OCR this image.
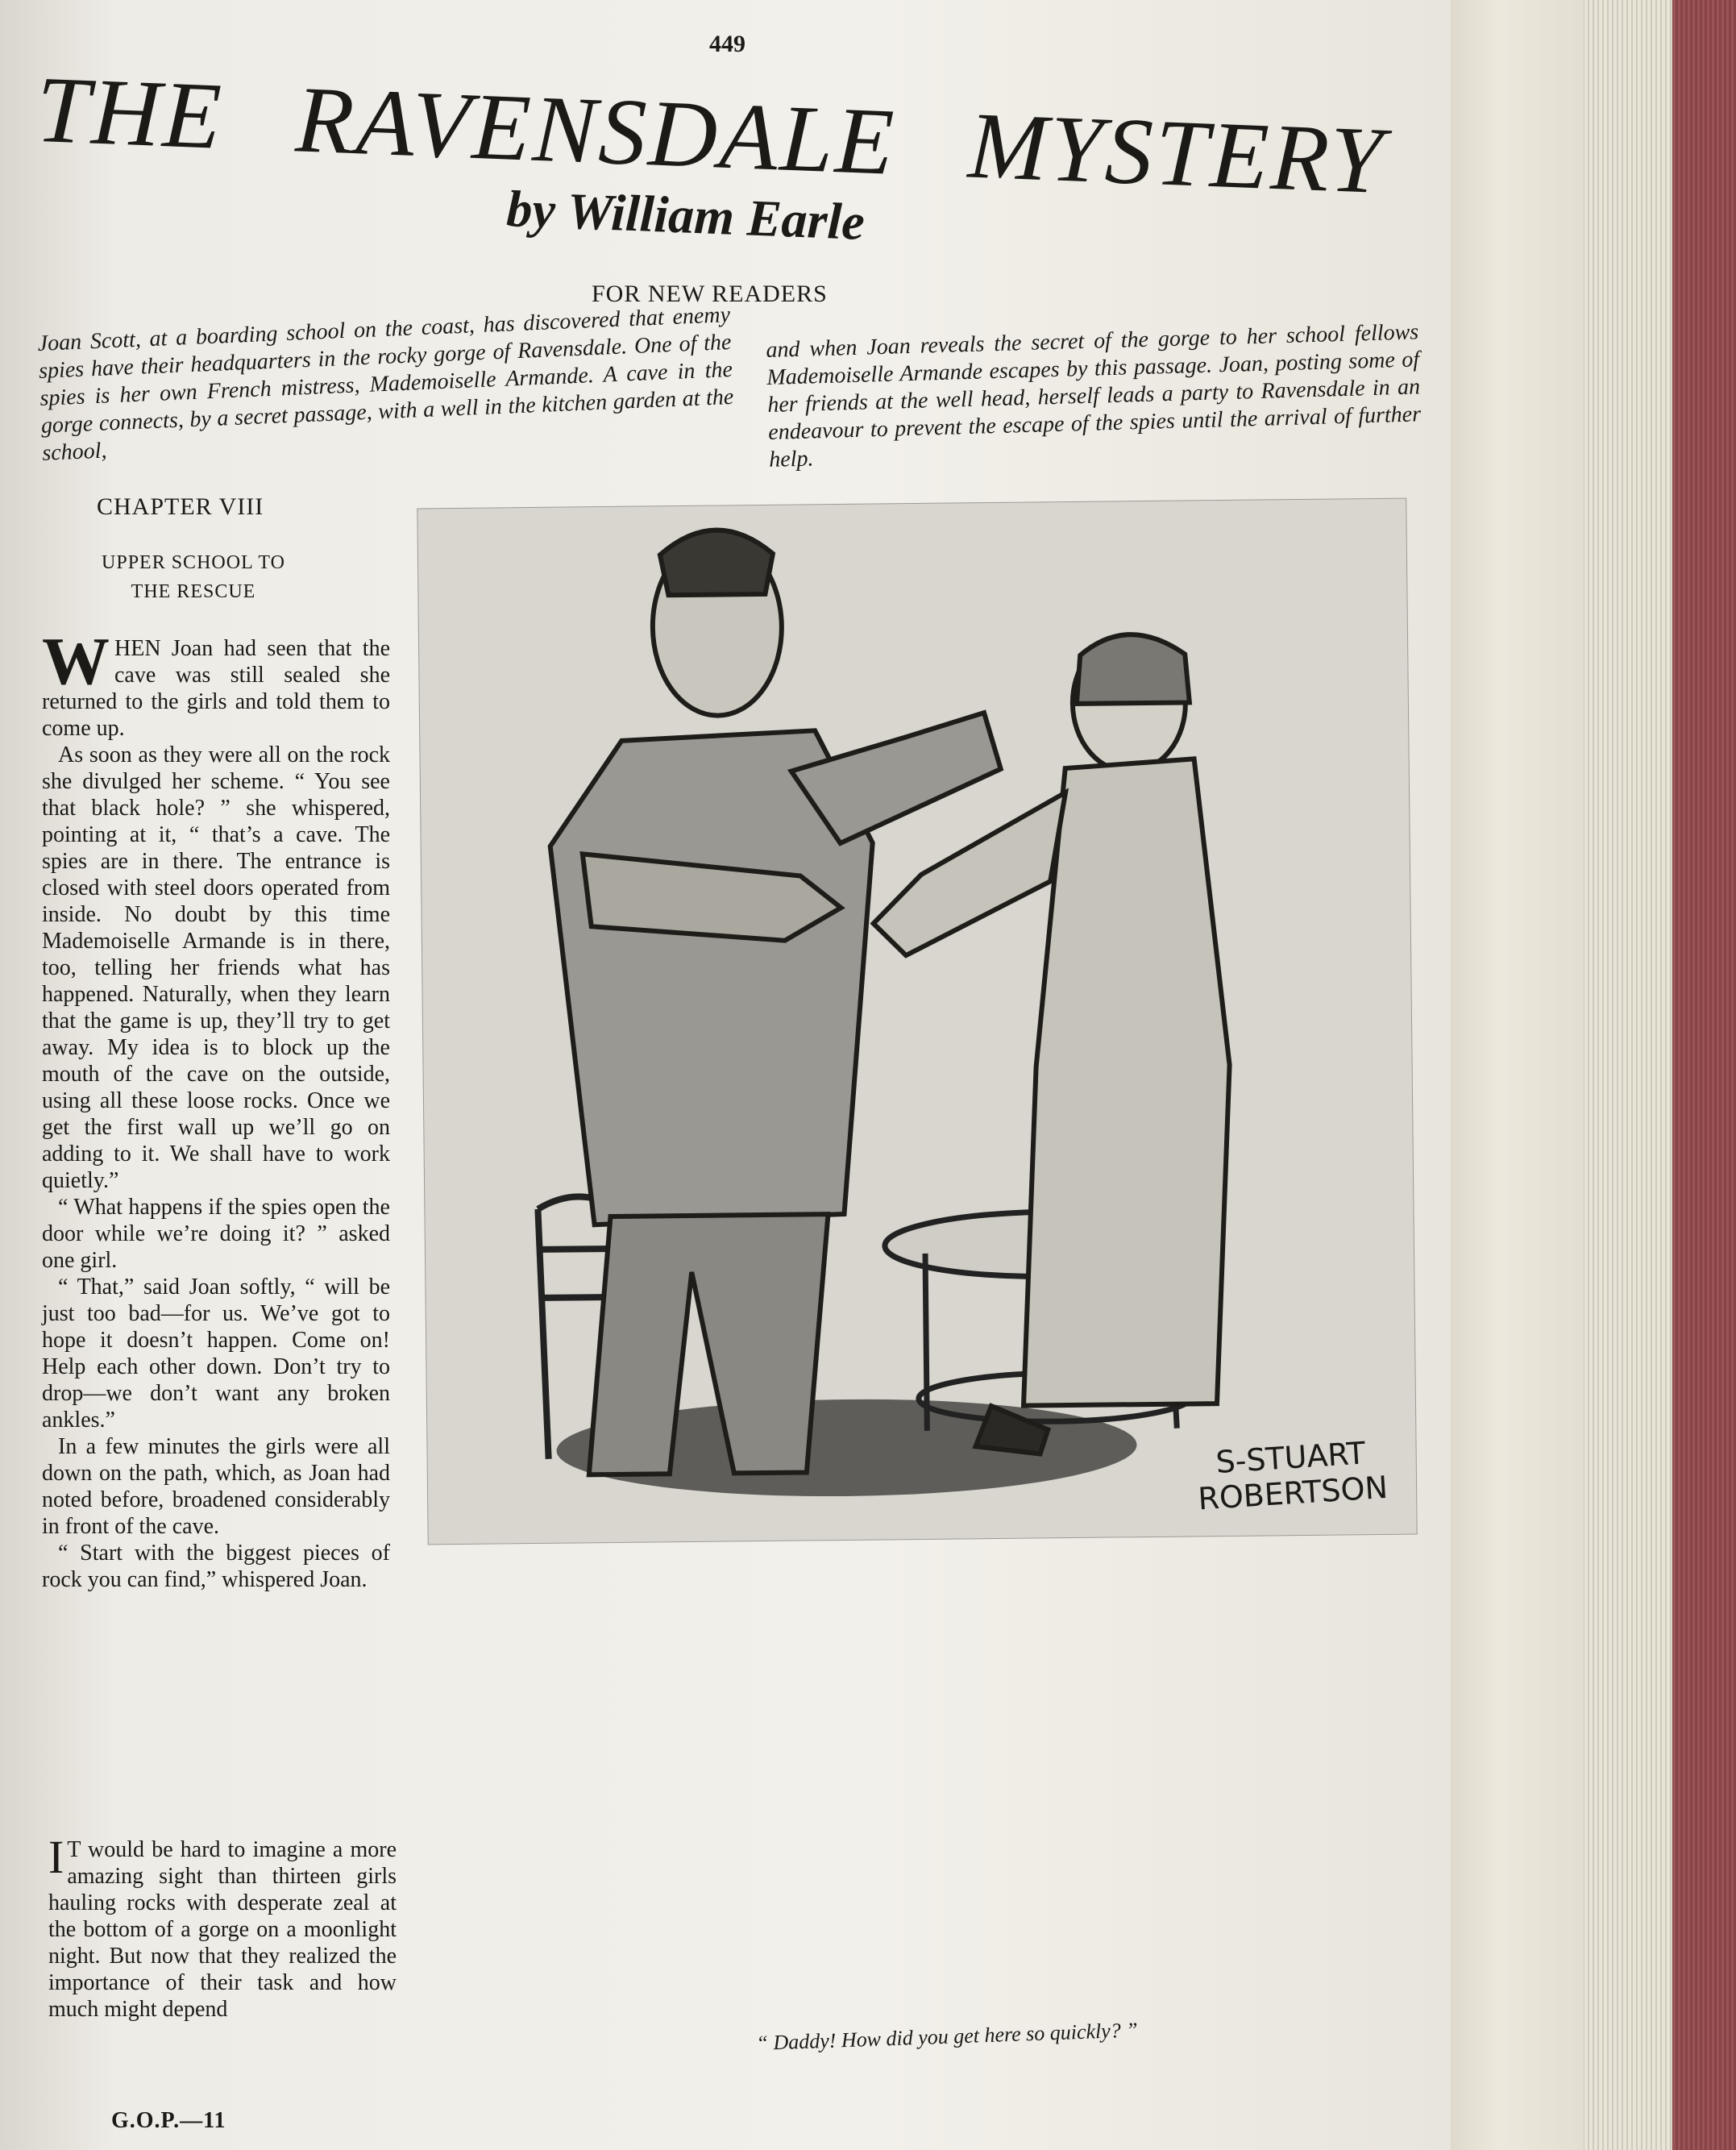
449
THE RAVENSDALE MYSTERY
by William Earle
FOR NEW READERS
Joan Scott, at a boarding school on the coast, has discovered that enemy spies have their headquarters in the rocky gorge of Ravensdale. One of the spies is her own French mistress, Mademoiselle Armande. A cave in the gorge connects, by a secret passage, with a well in the kitchen garden at the school,
and when Joan reveals the secret of the gorge to her school fellows Mademoiselle Armande escapes by this passage. Joan, posting some of her friends at the well head, herself leads a party to Ravensdale in an endeavour to prevent the escape of the spies until the arrival of further help.
CHAPTER VIII
UPPER SCHOOL TO THE RESCUE

WHEN Joan had seen that the cave was still sealed she returned to the girls and told them to come up.

As soon as they were all on the rock she divulged her scheme. “ You see that black hole? ” she whispered, pointing at it, “ that’s a cave. The spies are in there. The entrance is closed with steel doors operated from inside. No doubt by this time Mademoiselle Armande is in there, too, telling her friends what has happened. Naturally, when they learn that the game is up, they’ll try to get away. My idea is to block up the mouth of the cave on the outside, using all these loose rocks. Once we get the first wall up we’ll go on adding to it. We shall have to work quietly.”

“ What happens if the spies open the door while we’re doing it? ” asked one girl.

“ That,” said Joan softly, “ will be just too bad—for us. We’ve got to hope it doesn’t happen. Come on! Help each other down. Don’t try to drop—we don’t want any broken ankles.”

In a few minutes the girls were all down on the path, which, as Joan had noted before, broadened considerably in front of the cave.

“ Start with the biggest pieces of rock you can find,” whispered Joan.

I T would be hard to imagine a more amazing sight than thirteen girls hauling rocks with desperate zeal at the bottom of a gorge on a moonlight night. But now that they realized the importance of their task and how much might depend

S-STUART
ROBERTSON
G.O.P.—11
“ Daddy! How did you get here so quickly? ”
